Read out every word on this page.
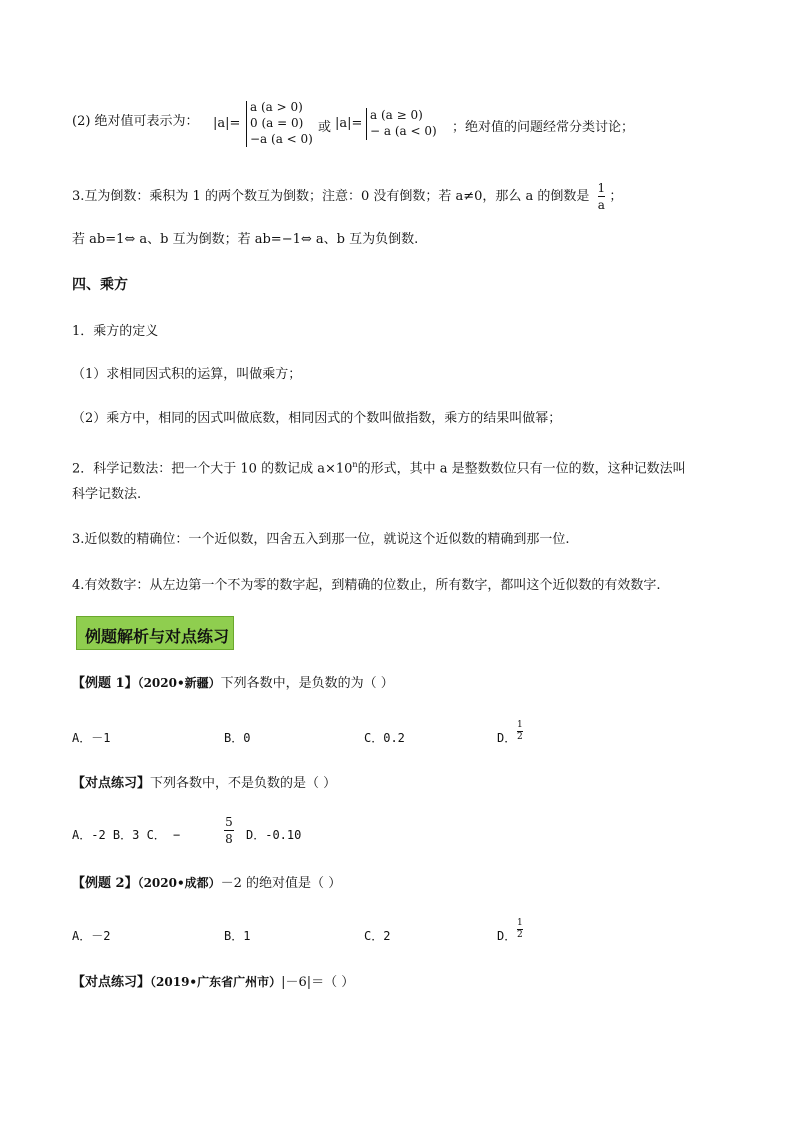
(2) 绝对值可表示为： |a|=
a (a > 0)
0 (a = 0)
−a (a < 0)
或 |a|=
a (a ≥ 0)
− a (a < 0) ；绝对值的问题经常分类讨论；
3.互为倒数：乘积为 1 的两个数互为倒数；注意：0 没有倒数；若 a≠0，那么 a 的倒数是 $\frac{1}{a}$ ；
若 ab=1⇔ a、b 互为倒数；若 ab=−1⇔ a、b 互为负倒数.
四、乘方
1．乘方的定义
（1）求相同因式积的运算，叫做乘方；
（2）乘方中，相同的因式叫做底数，相同因式的个数叫做指数，乘方的结果叫做幂；
2．科学记数法：把一个大于 10 的数记成 $a\times 10^n$的形式，其中 a 是整数数位只有一位的数，这种记数法叫
科学记数法.
3.近似数的精确位：一个近似数，四舍五入到那一位，就说这个近似数的精确到那一位.
4.有效数字：从左边第一个不为零的数字起，到精确的位数止，所有数字，都叫这个近似数的有效数字.
例题解析与对点练习
【例题 1】（2020•新疆）下列各数中，是负数的为（ ）
A．－1	B．0	C．0.2	D．
1
2
【对点练习】下列各数中，不是负数的是（ ）
A．-2 B．3 C． −
5
8 D．-0.10
【例题 2】（2020•成都）－2 的绝对值是（ ）
A．－2	B．1	C．2	D．
1
2
【对点练习】（2019•广东省广州市）|－6|＝（ ）
